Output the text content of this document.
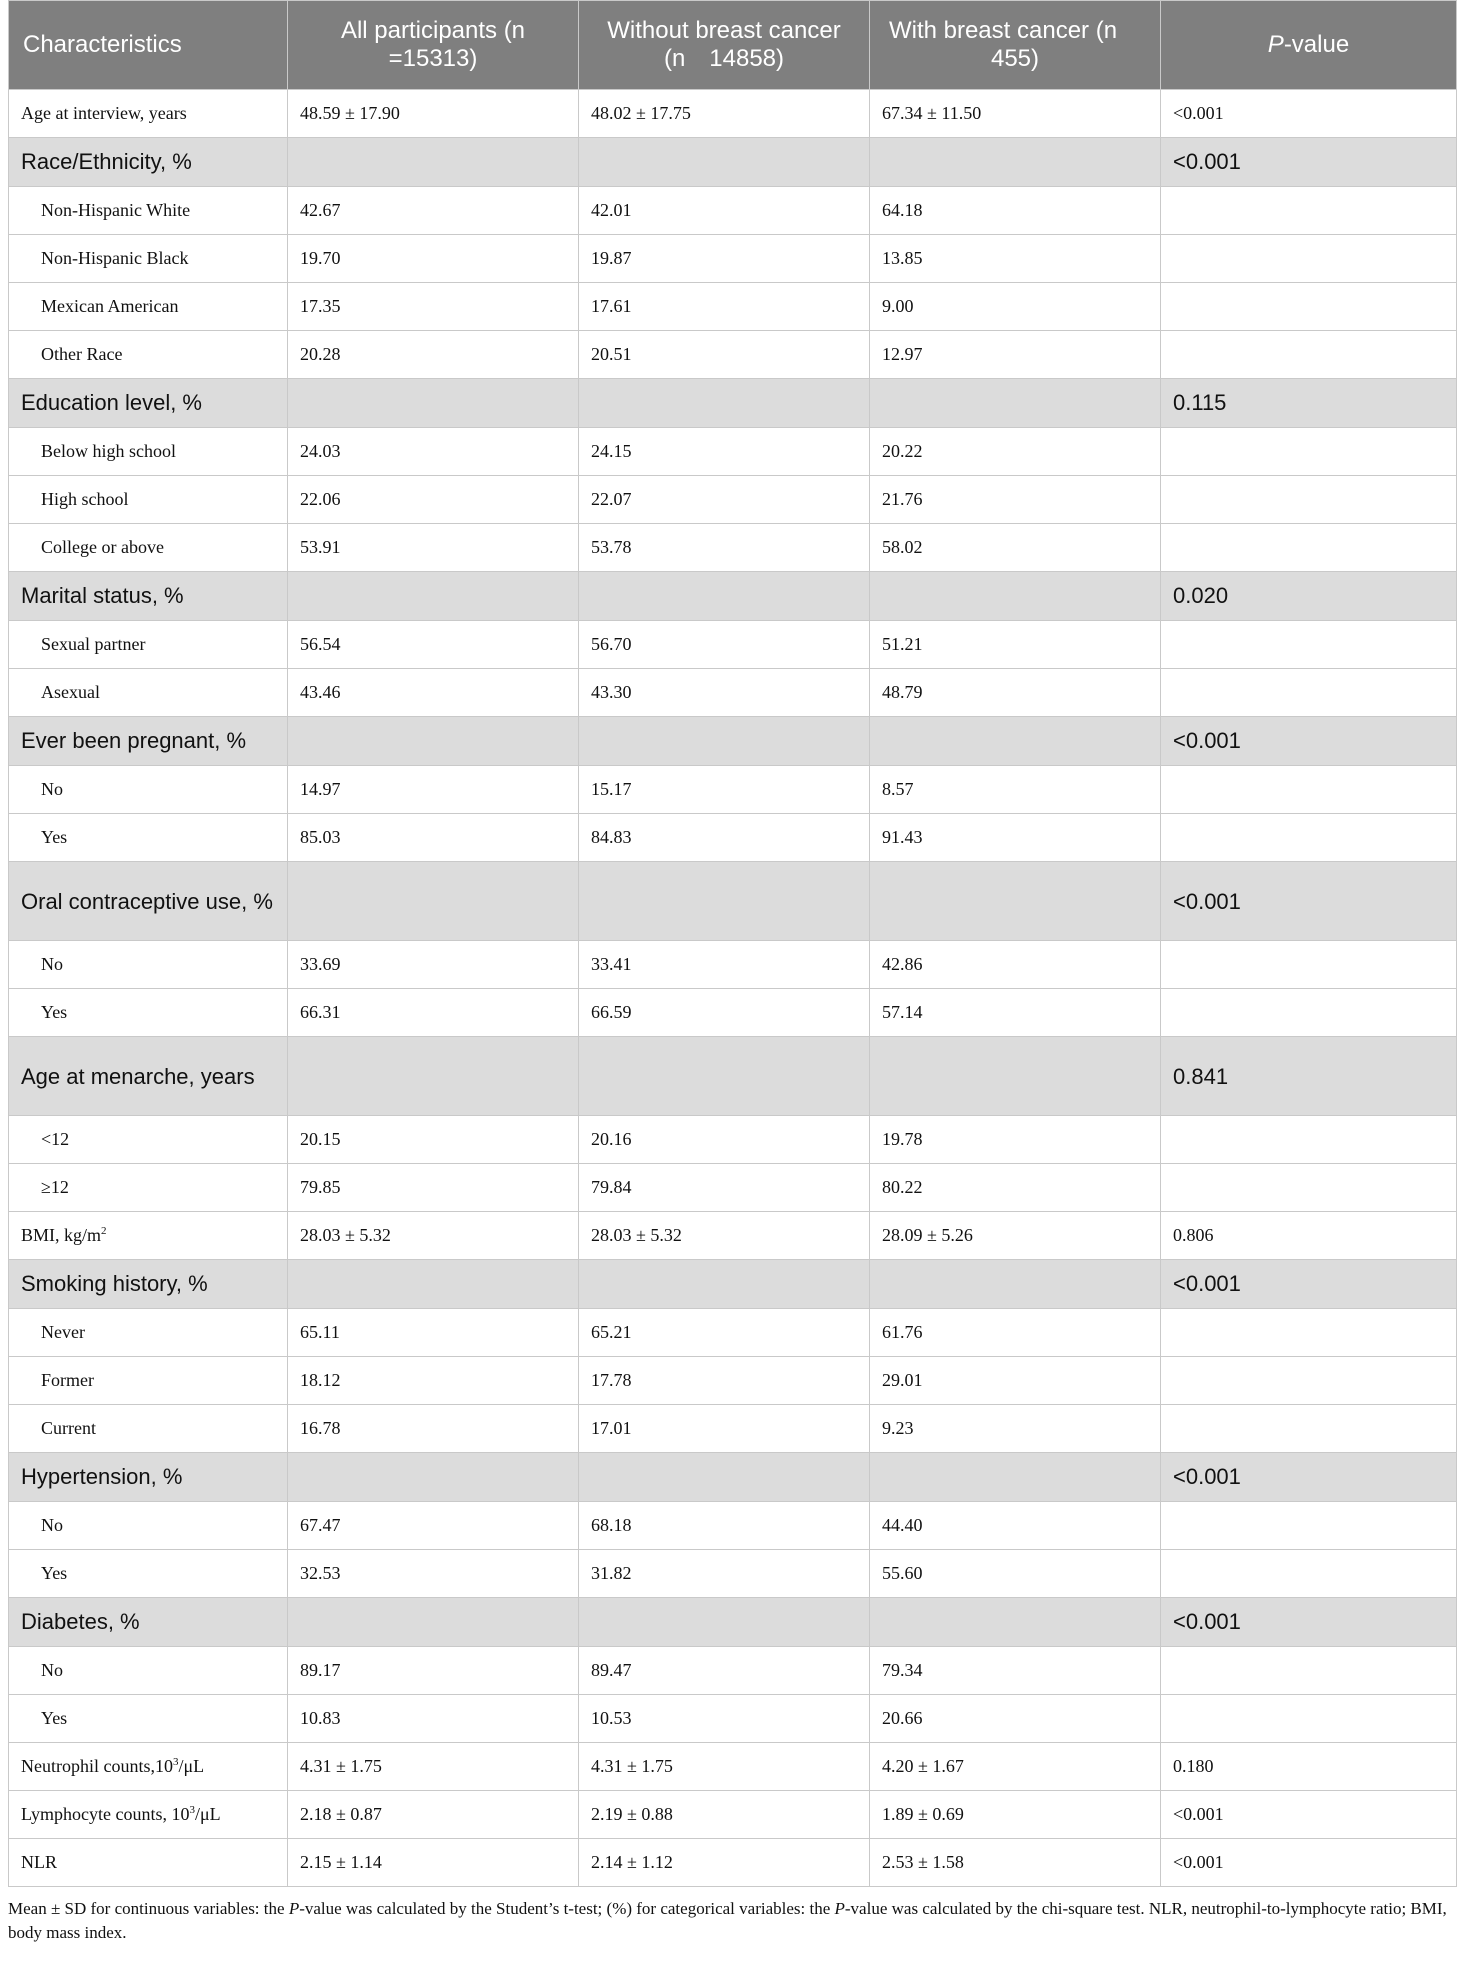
Characteristics	All participants (n =15313)	Without breast cancer (n 14858)	With breast cancer (n 455)	P-value
Age at interview, years	48.59 ± 17.90	48.02 ± 17.75	67.34 ± 11.50	<0.001
Race/Ethnicity, %				<0.001
Non-Hispanic White	42.67	42.01	64.18	
Non-Hispanic Black	19.70	19.87	13.85	
Mexican American	17.35	17.61	9.00	
Other Race	20.28	20.51	12.97	
Education level, %				0.115
Below high school	24.03	24.15	20.22	
High school	22.06	22.07	21.76	
College or above	53.91	53.78	58.02	
Marital status, %				0.020
Sexual partner	56.54	56.70	51.21	
Asexual	43.46	43.30	48.79	
Ever been pregnant, %				<0.001
No	14.97	15.17	8.57	
Yes	85.03	84.83	91.43	
Oral contraceptive use, %				<0.001
No	33.69	33.41	42.86	
Yes	66.31	66.59	57.14	
Age at menarche, years				0.841
<12	20.15	20.16	19.78	
≥12	79.85	79.84	80.22	
BMI, $kg/m^2$	28.03 ± 5.32	28.03 ± 5.32	28.09 ± 5.26	0.806
Smoking history, %				<0.001
Never	65.11	65.21	61.76	
Former	18.12	17.78	29.01	
Current	16.78	17.01	9.23	
Hypertension, %				<0.001
No	67.47	68.18	44.40	
Yes	32.53	31.82	55.60	
Diabetes, %				<0.001
No	89.17	89.47	79.34	
Yes	10.83	10.53	20.66	
Neutrophil $counts,10^3/\mu L$	4.31 ± 1.75	4.31 ± 1.75	4.20 ± 1.67	0.180
Lymphocyte counts, $10^3/\mu L$	2.18 ± 0.87	2.19 ± 0.88	1.89 ± 0.69	<0.001
NLR	2.15 ± 1.14	2.14 ± 1.12	2.53 ± 1.58	<0.001
Mean ± SD for continuous variables: the P-value was calculated by the Student’s t-test; (%) for categorical variables: the P-value was calculated by the chi-square test. NLR, neutrophil-to-lymphocyte ratio; BMI, body mass index.
